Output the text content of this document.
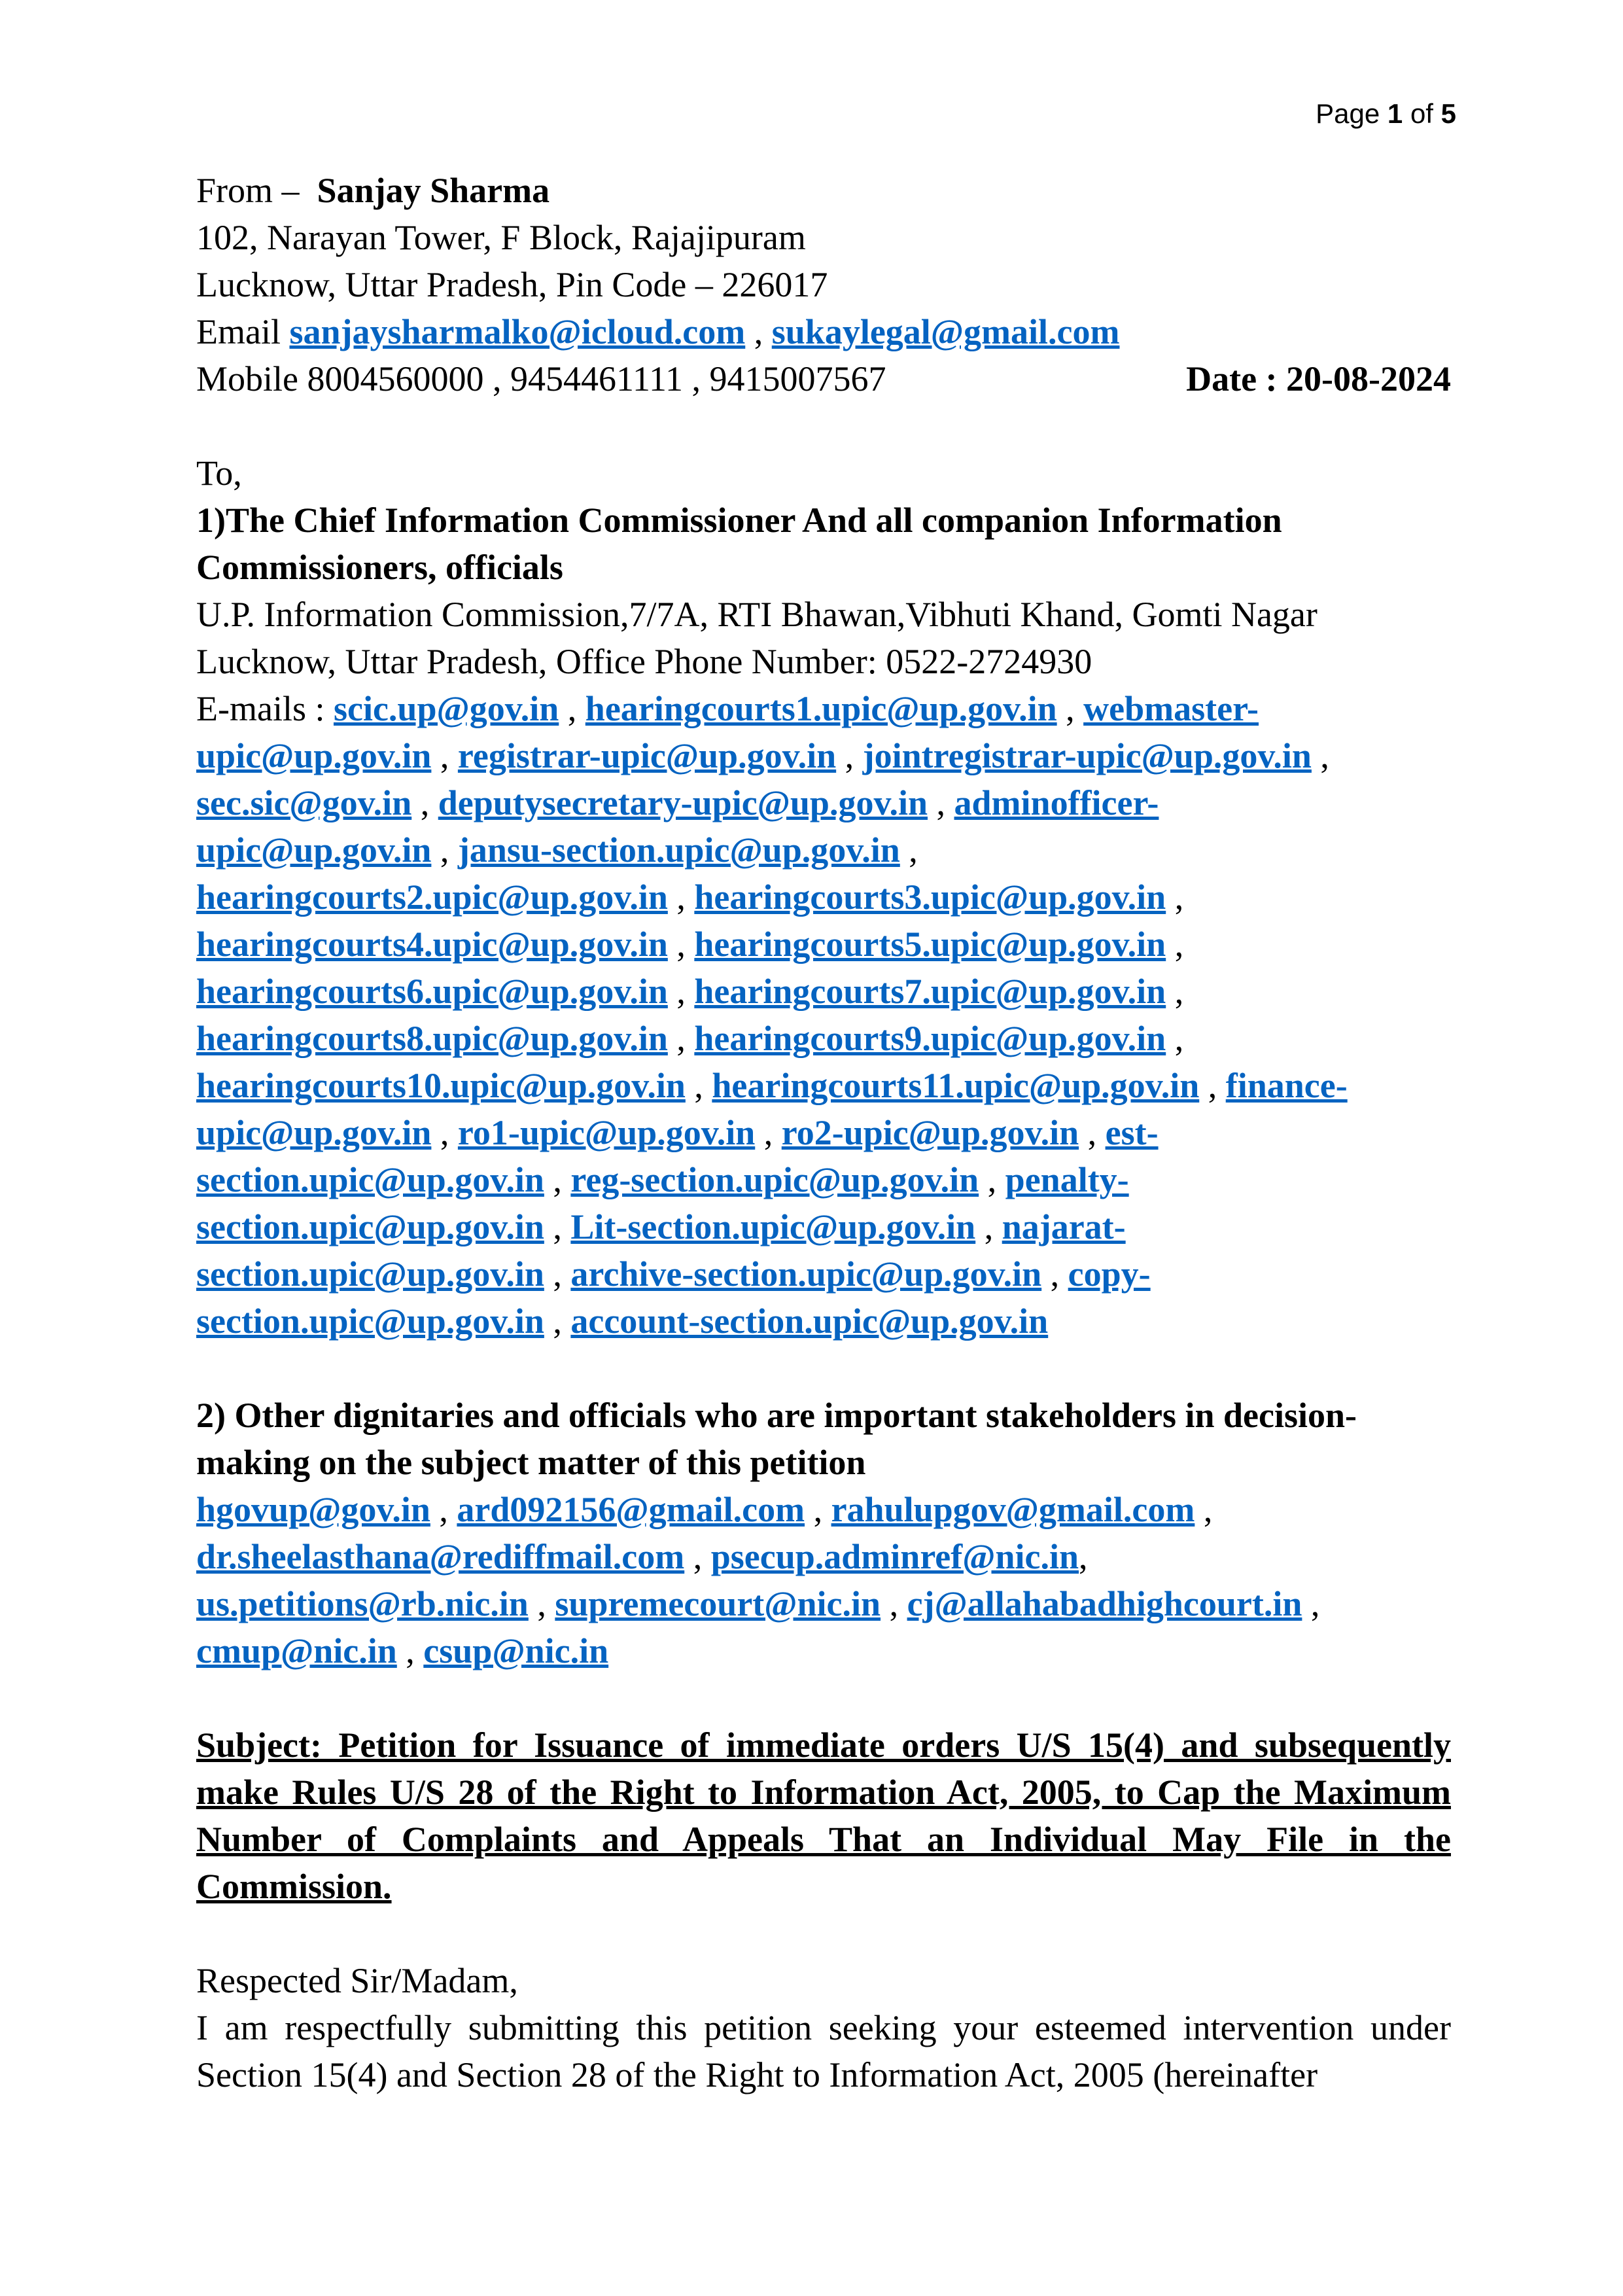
Page 1 of 5
From – Sanjay Sharma
102, Narayan Tower, F Block, Rajajipuram
Lucknow, Uttar Pradesh, Pin Code – 226017
Email sanjaysharmalko@icloud.com , sukaylegal@gmail.com
Mobile 8004560000 , 9454461111 , 9415007567	Date : 20-08-2024
To,
1)The Chief Information Commissioner And all companion Information
Commissioners, officials
U.P. Information Commission,7/7A, RTI Bhawan,Vibhuti Khand, Gomti Nagar
Lucknow, Uttar Pradesh, Office Phone Number: 0522-2724930
E-mails : scic.up@gov.in , hearingcourts1.upic@up.gov.in , webmaster-
upic@up.gov.in , registrar-upic@up.gov.in , jointregistrar-upic@up.gov.in ,
sec.sic@gov.in , deputysecretary-upic@up.gov.in , adminofficer-
upic@up.gov.in , jansu-section.upic@up.gov.in ,
hearingcourts2.upic@up.gov.in , hearingcourts3.upic@up.gov.in ,
hearingcourts4.upic@up.gov.in , hearingcourts5.upic@up.gov.in ,
hearingcourts6.upic@up.gov.in , hearingcourts7.upic@up.gov.in ,
hearingcourts8.upic@up.gov.in , hearingcourts9.upic@up.gov.in ,
hearingcourts10.upic@up.gov.in , hearingcourts11.upic@up.gov.in , finance-
upic@up.gov.in , ro1-upic@up.gov.in , ro2-upic@up.gov.in , est-
section.upic@up.gov.in , reg-section.upic@up.gov.in , penalty-
section.upic@up.gov.in , Lit-section.upic@up.gov.in , najarat-
section.upic@up.gov.in , archive-section.upic@up.gov.in , copy-
section.upic@up.gov.in , account-section.upic@up.gov.in
2) Other dignitaries and officials who are important stakeholders in decision-
making on the subject matter of this petition
hgovup@gov.in , ard092156@gmail.com , rahulupgov@gmail.com ,
dr.sheelasthana@rediffmail.com , psecup.adminref@nic.in,
us.petitions@rb.nic.in , supremecourt@nic.in , cj@allahabadhighcourt.in ,
cmup@nic.in , csup@nic.in
Subject: Petition for Issuance of immediate orders U/S 15(4) and subsequently make Rules U/S 28 of the Right to Information Act, 2005, to Cap the Maximum Number of Complaints and Appeals That an Individual May File in the Commission.
Respected Sir/Madam,
I am respectfully submitting this petition seeking your esteemed intervention under Section 15(4) and Section 28 of the Right to Information Act, 2005 (hereinafter
